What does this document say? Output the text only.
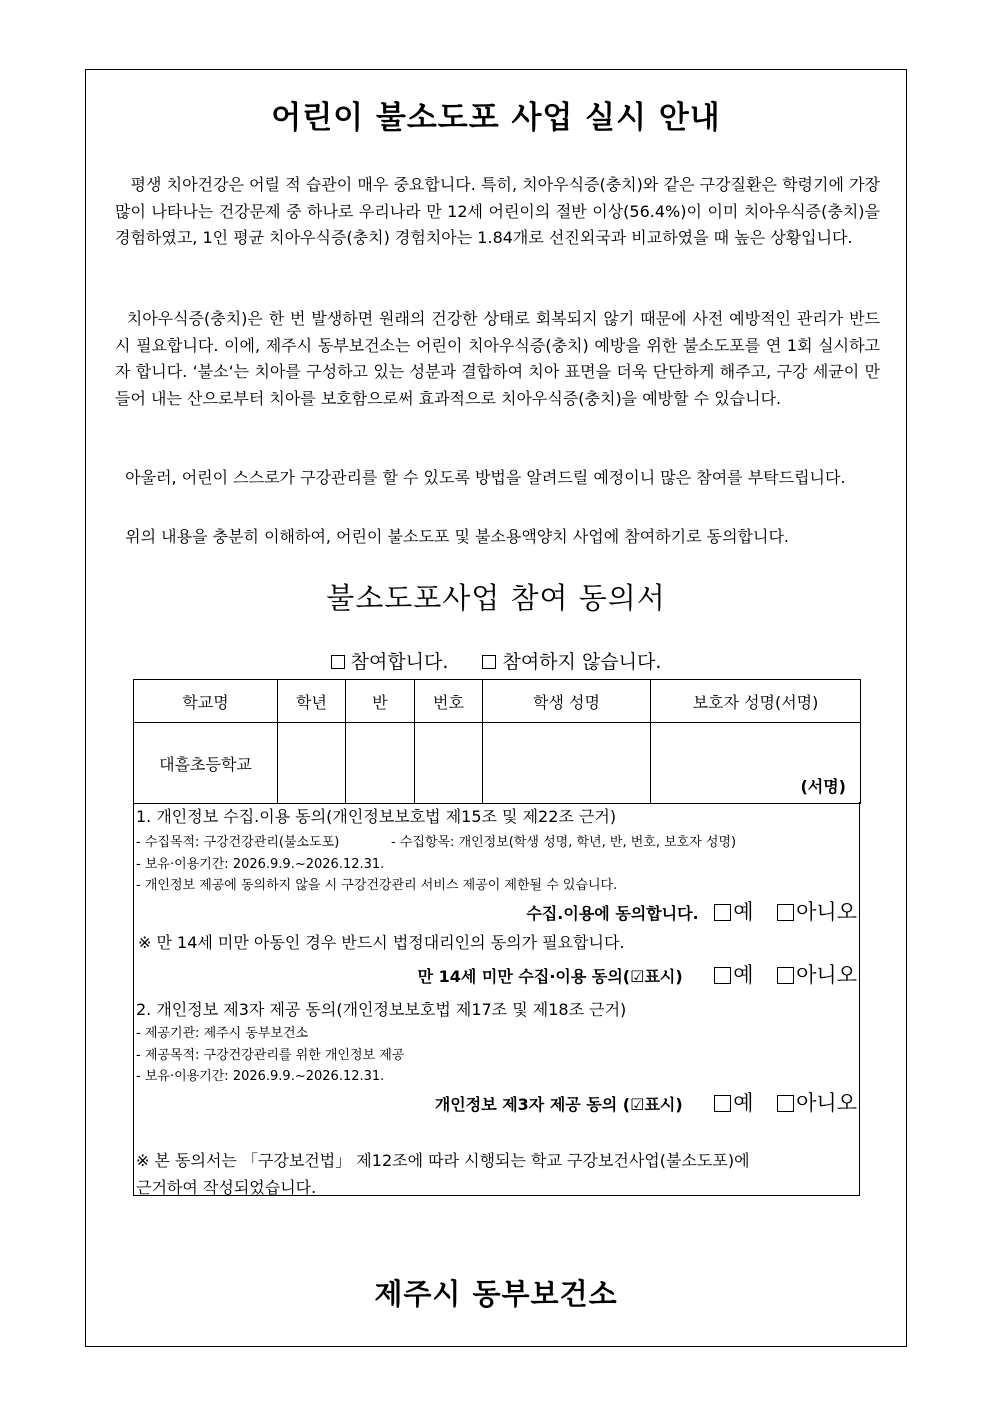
어린이 불소도포 사업 실시 안내

평생 치아건강은 어릴 적 습관이 매우 중요합니다. 특히, 치아우식증(충치)와 같은 구강질환은 학령기에 가장 많이 나타나는 건강문제 중 하나로 우리나라 만 12세 어린이의 절반 이상(56.4%)이 이미 치아우식증(충치)을 경험하였고, 1인 평균 치아우식증(충치) 경험치아는 1.84개로 선진외국과 비교하였을 때 높은 상황입니다.

치아우식증(충치)은 한 번 발생하면 원래의 건강한 상태로 회복되지 않기 때문에 사전 예방적인 관리가 반드시 필요합니다. 이에, 제주시 동부보건소는 어린이 치아우식증(충치) 예방을 위한 불소도포를 연 1회 실시하고자 합니다. ‘불소‘는 치아를 구성하고 있는 성분과 결합하여 치아 표면을 더욱 단단하게 해주고, 구강 세균이 만들어 내는 산으로부터 치아를 보호함으로써 효과적으로 치아우식증(충치)을 예방할 수 있습니다.

아울러, 어린이 스스로가 구강관리를 할 수 있도록 방법을 알려드릴 예정이니 많은 참여를 부탁드립니다.

위의 내용을 충분히 이해하여, 어린이 불소도포 및 불소용액양치 사업에 참여하기로 동의합니다.

불소도포사업 참여 동의서
참여합니다.	참여하지 않습니다.
학교명	학년	반	번호	학생 성명	보호자 성명(서명)
대흘초등학교					(서명)
1. 개인정보 수집.이용 동의(개인정보보호법 제15조 및 제22조 근거)
- 수집목적: 구강건강관리(불소도포)	- 수집항목: 개인정보(학생 성명, 학년, 반, 번호, 보호자 성명)
- 보유·이용기간: 2026.9.9.~2026.12.31.
- 개인정보 제공에 동의하지 않을 시 구강건강관리 서비스 제공이 제한될 수 있습니다.
수집.이용에 동의합니다. 예 아니오
※ 만 14세 미만 아동인 경우 반드시 법정대리인의 동의가 필요합니다.
만 14세 미만 수집·이용 동의(☑표시) 예 아니오
2. 개인정보 제3자 제공 동의(개인정보보호법 제17조 및 제18조 근거)
- 제공기관: 제주시 동부보건소
- 제공목적: 구강건강관리를 위한 개인정보 제공
- 보유·이용기간: 2026.9.9.~2026.12.31.
개인정보 제3자 제공 동의 (☑표시) 예 아니오
※ 본 동의서는 「구강보건법」 제12조에 따라 시행되는 학교 구강보건사업(불소도포)에
근거하여 작성되었습니다.
제주시 동부보건소
